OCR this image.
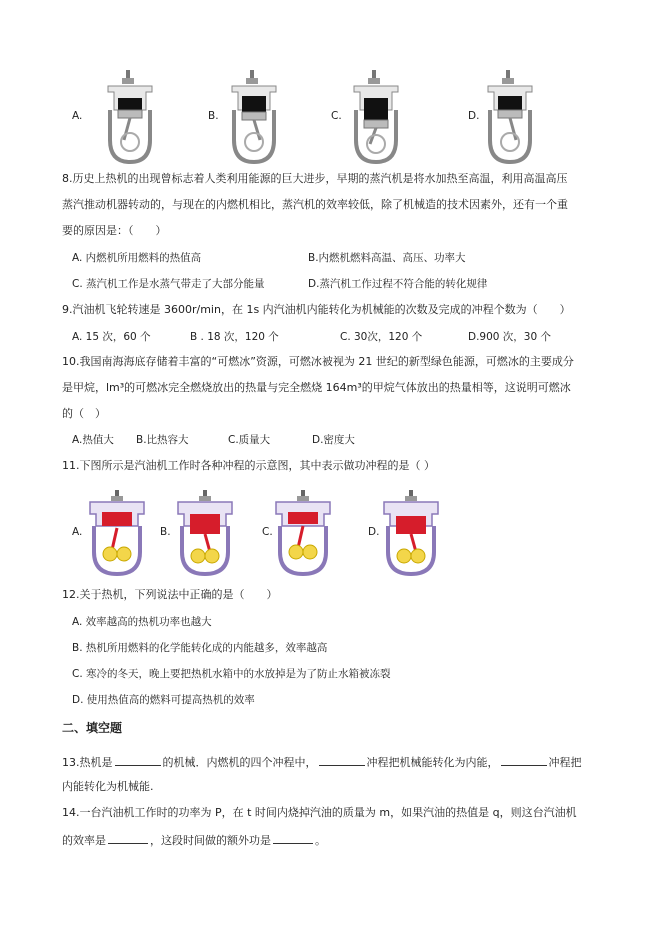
A.	B.	C.	D.
8.历史上热机的出现曾标志着人类利用能源的巨大进步，早期的蒸汽机是将水加热至高温，利用高温高压
蒸汽推动机器转动的，与现在的内燃机相比，蒸汽机的效率较低，除了机械造的技术因素外，还有一个重
要的原因是：（　　）
A. 内燃机所用燃料的热值高	B.内燃机燃料高温、高压、功率大
C. 蒸汽机工作是水蒸气带走了大部分能量	D.蒸汽机工作过程不符合能的转化规律
9.汽油机飞轮转速是 3600r/min，在 1s 内汽油机内能转化为机械能的次数及完成的冲程个数为（　　）
A. 15 次，60 个	B . 18 次，120 个	C. 30次，120 个	D.900 次，30 个
10.我国南海海底存储着丰富的“可燃冰”资源，可燃冰被视为 21 世纪的新型绿色能源，可燃冰的主要成分
是甲烷，lm³的可燃冰完全燃烧放出的热量与完全燃烧 164m³的甲烷气体放出的热量相等，这说明可燃冰
的（　）
A.热值大 B.比热容大	C.质量大	D.密度大
11.下图所示是汽油机工作时各种冲程的示意图，其中表示做功冲程的是（ ）
A.	B.	C.	D.
12.关于热机，下列说法中正确的是（　　）
A. 效率越高的热机功率也越大
B. 热机所用燃料的化学能转化成的内能越多，效率越高
C. 寒冷的冬天，晚上要把热机水箱中的水放掉是为了防止水箱被冻裂
D. 使用热值高的燃料可提高热机的效率
二、填空题
13.热机是	的机械．内燃机的四个冲程中，	冲程把机械能转化为内能，	冲程把
内能转化为机械能.
14.一台汽油机工作时的功率为 P，在 t 时间内烧掉汽油的质量为 m，如果汽油的热值是 q，则这台汽油机
的效率是	，这段时间做的额外功是	。
